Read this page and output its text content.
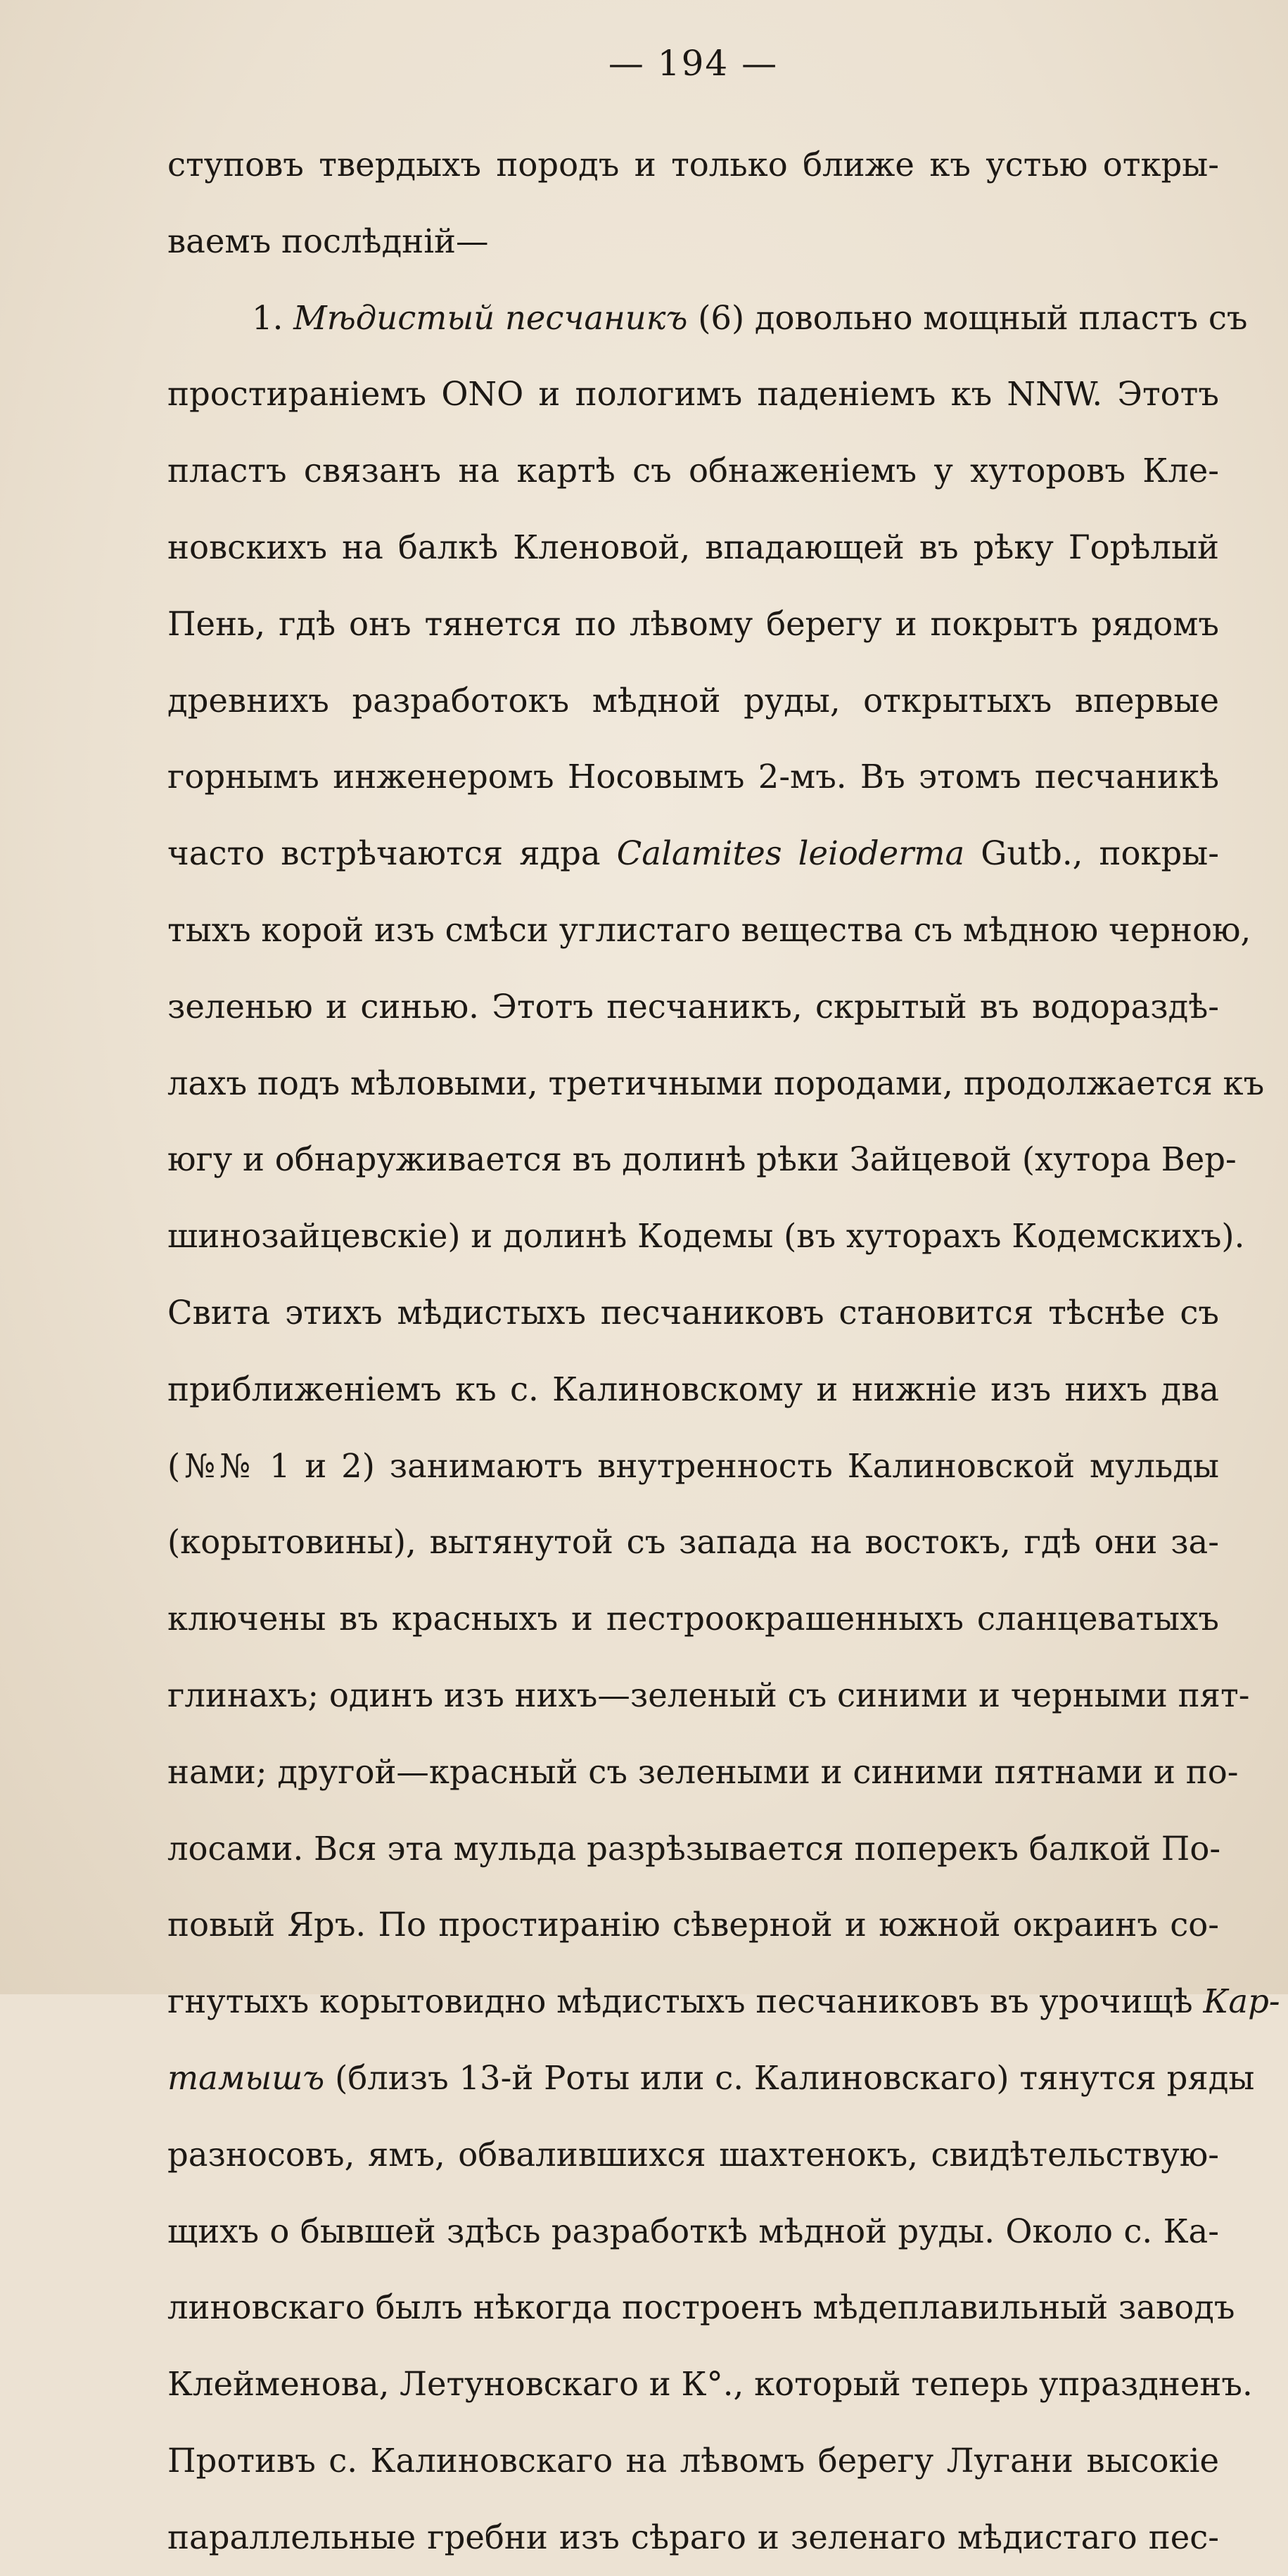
— 194 —
ступовъ твердыхъ породъ и только ближе къ устью откры-
ваемъ послѣдній—
1. Мѣдистый песчаникъ (6) довольно мощный пластъ съ
простираніемъ ONO и пологимъ паденіемъ къ NNW. Этотъ
пластъ связанъ на картѣ съ обнаженіемъ у хуторовъ Кле-
новскихъ на балкѣ Кленовой, впадающей въ рѣку Горѣлый
Пень, гдѣ онъ тянется по лѣвому берегу и покрытъ рядомъ
древнихъ разработокъ мѣдной руды, открытыхъ впервые
горнымъ инженеромъ Носовымъ 2-мъ. Въ этомъ песчаникѣ
часто встрѣчаются ядра Calamites leioderma Gutb., покры-
тыхъ корой изъ смѣси углистаго вещества съ мѣдною черною,
зеленью и синью. Этотъ песчаникъ, скрытый въ водораздѣ-
лахъ подъ мѣловыми, третичными породами, продолжается къ
югу и обнаруживается въ долинѣ рѣки Зайцевой (хутора Вер-
шинозайцевскіе) и долинѣ Кодемы (въ хуторахъ Кодемскихъ).
Свита этихъ мѣдистыхъ песчаниковъ становится тѣснѣе съ
приближеніемъ къ с. Калиновскому и нижніе изъ нихъ два
(№№ 1 и 2) занимаютъ внутренность Калиновской мульды
(корытовины), вытянутой съ запада на востокъ, гдѣ они за-
ключены въ красныхъ и пестроокрашенныхъ сланцеватыхъ
глинахъ; одинъ изъ нихъ—зеленый съ синими и черными пят-
нами; другой—красный съ зелеными и синими пятнами и по-
лосами. Вся эта мульда разрѣзывается поперекъ балкой По-
повый Яръ. По простиранію сѣверной и южной окраинъ со-
гнутыхъ корытовидно мѣдистыхъ песчаниковъ въ урочищѣ Кар-
тамышъ (близъ 13-й Роты или с. Калиновскаго) тянутся ряды
разносовъ, ямъ, обвалившихся шахтенокъ, свидѣтельствую-
щихъ о бывшей здѣсь разработкѣ мѣдной руды. Около с. Ка-
линовскаго былъ нѣкогда построенъ мѣдеплавильный заводъ
Клейменова, Летуновскаго и К°., который теперь упраздненъ.
Противъ с. Калиновскаго на лѣвомъ берегу Лугани высокіе
параллельные гребни изъ сѣраго и зеленаго мѣдистаго пес-
